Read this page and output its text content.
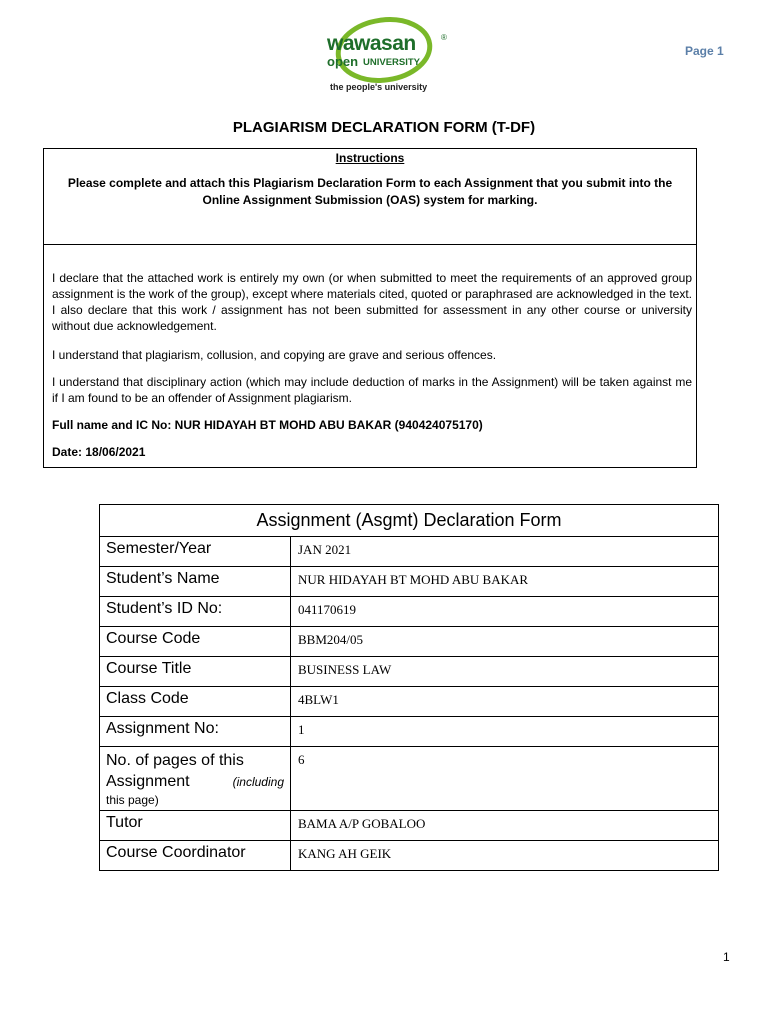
wawasan	®
open UNIVERSITY
the people's university
Page 1
PLAGIARISM DECLARATION FORM (T-DF)
Instructions
Please complete and attach this Plagiarism Declaration Form to each Assignment that you submit into the Online Assignment Submission (OAS) system for marking.
I declare that the attached work is entirely my own (or when submitted to meet the requirements of an approved group assignment is the work of the group), except where materials cited, quoted or paraphrased are acknowledged in the text. I also declare that this work / assignment has not been submitted for assessment in any other course or university without due acknowledgement.
I understand that plagiarism, collusion, and copying are grave and serious offences.
I understand that disciplinary action (which may include deduction of marks in the Assignment) will be taken against me if I am found to be an offender of Assignment plagiarism.
Full name and IC No: NUR HIDAYAH BT MOHD ABU BAKAR (940424075170)
Date: 18/06/2021
Assignment (Asgmt) Declaration Form	
Semester/Year	JAN 2021
Student’s Name	NUR HIDAYAH BT MOHD ABU BAKAR
Student’s ID No:	041170619
Course Code	BBM204/05
Course Title	BUSINESS LAW
Class Code	4BLW1
Assignment No:	1

No. of pages of this
Assignment (including
this page)	6
Tutor	BAMA A/P GOBALOO
Course Coordinator	KANG AH GEIK
1
